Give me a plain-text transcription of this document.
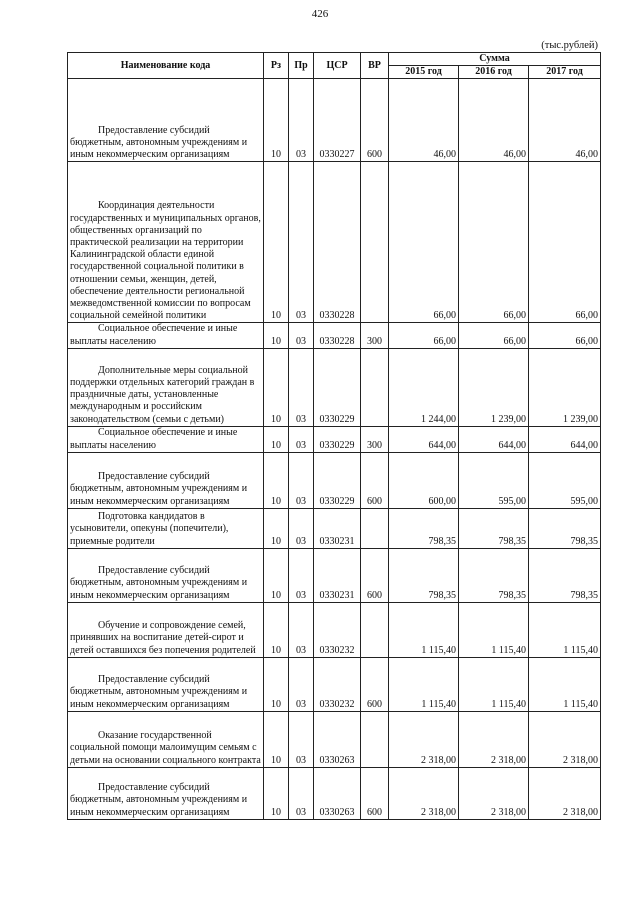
426
(тыс.рублей)
Наименование кода	Рз	Пр	ЦСР	ВР	Сумма		
					2015 год	2016 год	2017 год

Предоставление субсидий бюджетным, автономным учреждениям и иным некоммерческим организациям	10	03	0330227	600	46,00	46,00	46,00

Координация деятельности государственных и муниципальных органов, общественных организаций по практической реализации на территории Калининградской области единой государственной социальной политики в отношении семьи, женщин, детей, обеспечение деятельности региональной межведомственной комиссии по вопросам социальной семейной политики	10	03	0330228		66,00	66,00	66,00

Социальное обеспечение и иные выплаты населению	10	03	0330228	300	66,00	66,00	66,00

Дополнительные меры социальной поддержки отдельных категорий граждан в праздничные даты, установленные международным и российским законодательством (семьи с детьми)	10	03	0330229		1 244,00	1 239,00	1 239,00

Социальное обеспечение и иные выплаты населению	10	03	0330229	300	644,00	644,00	644,00

Предоставление субсидий бюджетным, автономным учреждениям и иным некоммерческим организациям	10	03	0330229	600	600,00	595,00	595,00

Подготовка кандидатов в усыновители, опекуны (попечители), приемные родители	10	03	0330231		798,35	798,35	798,35

Предоставление субсидий бюджетным, автономным учреждениям и иным некоммерческим организациям	10	03	0330231	600	798,35	798,35	798,35

Обучение и сопровождение семей, принявших на воспитание детей-сирот и детей оставшихся без попечения родителей	10	03	0330232		1 115,40	1 115,40	1 115,40

Предоставление субсидий бюджетным, автономным учреждениям и иным некоммерческим организациям	10	03	0330232	600	1 115,40	1 115,40	1 115,40

Оказание государственной социальной помощи малоимущим семьям с детьми на основании социального контракта	10	03	0330263		2 318,00	2 318,00	2 318,00

Предоставление субсидий бюджетным, автономным учреждениям и иным некоммерческим организациям	10	03	0330263	600	2 318,00	2 318,00	2 318,00
